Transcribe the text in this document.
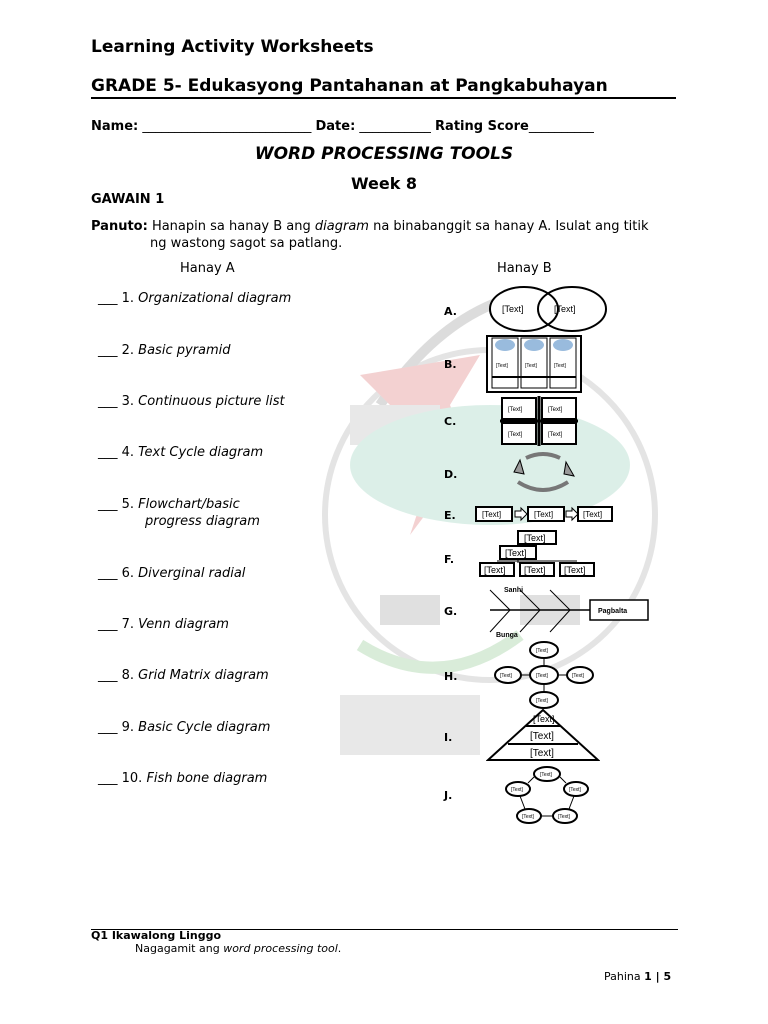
Learning Activity Worksheets
GRADE 5- Edukasyong Pantahanan at Pangkabuhayan
Name: __________________________ Date: ___________ Rating Score__________
WORD PROCESSING TOOLS
Week 8
GAWAIN 1
Panuto: Hanapin sa hanay B ang diagram na binabanggit sa hanay A. Isulat ang titik
ng wastong sagot sa patlang.
Hanay A	Hanay B
___ 1. Organizational diagram
___ 2. Basic pyramid
___ 3. Continuous picture list
___ 4. Text Cycle diagram
___ 5. Flowchart/basic
progress diagram
___ 6. Diverginal radial
___ 7. Venn diagram
___ 8. Grid Matrix diagram
___ 9. Basic Cycle diagram
___ 10. Fish bone diagram
A.
B.
C.
D.
E.
F.
G.
H.
I.
J.
[Text]	[Text]
[Text]	[Text]	[Text]
[Text]	[Text]
[Text]	[Text]
[Text]	[Text]	[Text]
[Text]
[Text]
[Text] [Text] [Text]
Sanhi
Bunga
Pagbalta
[Text]
[Text]	[Text]	[Text]
[Text]
[Text]
[Text]
[Text]
[Text]
[Text]	[Text]
[Text]	[Text]
Q1 Ikawalong Linggo
Nagagamit ang word processing tool.
Pahina 1 | 5
